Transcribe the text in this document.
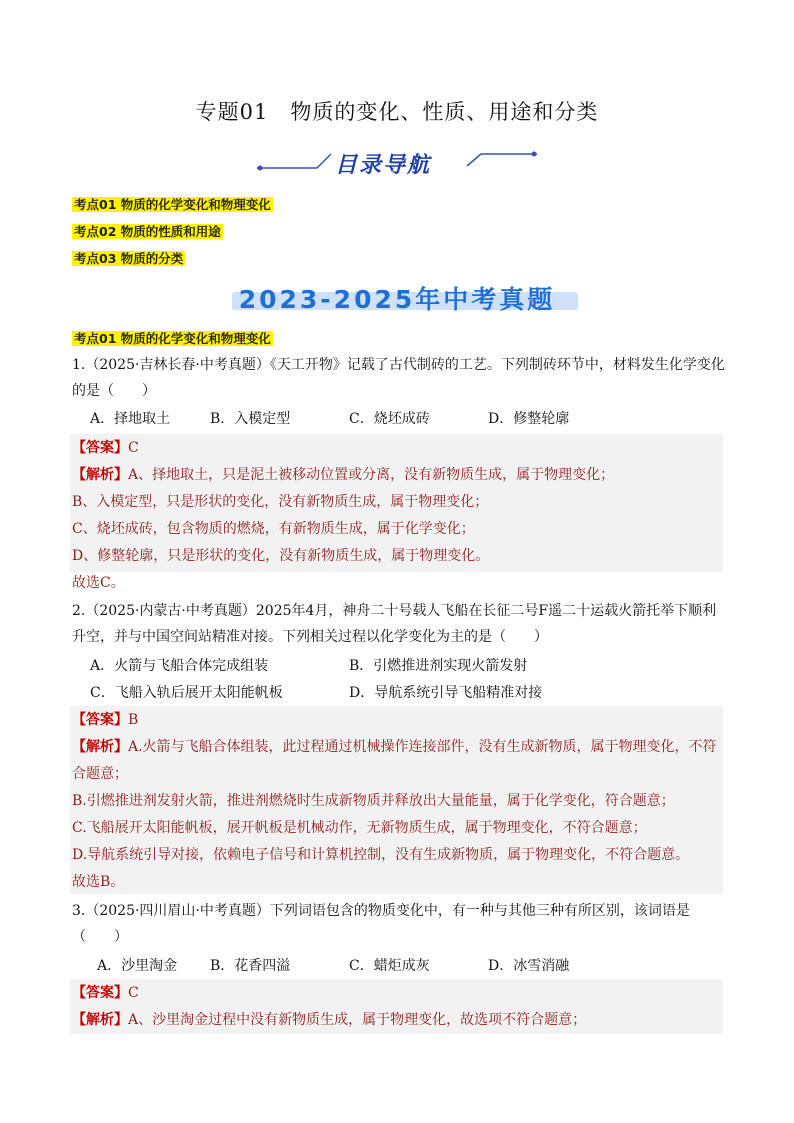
专题01　物质的变化、性质、用途和分类
目录导航
考点01 物质的化学变化和物理变化
考点02 物质的性质和用途
考点03 物质的分类
2023-2025年中考真题
考点01 物质的化学变化和物理变化
1.（2025·吉林长春·中考真题）《天工开物》记载了古代制砖的工艺。下列制砖环节中，材料发生化学变化
的是（　　）
A．择地取土	B．入模定型	C．烧坯成砖	D．修整轮廓
【答案】C
【解析】A、择地取土，只是泥土被移动位置或分离，没有新物质生成，属于物理变化；
B、入模定型，只是形状的变化，没有新物质生成，属于物理变化；
C、烧坯成砖，包含物质的燃烧，有新物质生成，属于化学变化；
D、修整轮廓，只是形状的变化，没有新物质生成，属于物理变化。
故选C。
2.（2025·内蒙古·中考真题）2025年4月，神舟二十号载人飞船在长征二号F遥二十运载火箭托举下顺利
升空，并与中国空间站精准对接。下列相关过程以化学变化为主的是（　　）
A．火箭与飞船合体完成组装	B．引燃推进剂实现火箭发射
C．飞船入轨后展开太阳能帆板	D．导航系统引导飞船精准对接
【答案】B
【解析】A.火箭与飞船合体组装，此过程通过机械操作连接部件，没有生成新物质，属于物理变化，不符
合题意；
B.引燃推进剂发射火箭，推进剂燃烧时生成新物质并释放出大量能量，属于化学变化，符合题意；
C.飞船展开太阳能帆板，展开帆板是机械动作，无新物质生成，属于物理变化，不符合题意；
D.导航系统引导对接，依赖电子信号和计算机控制，没有生成新物质，属于物理变化，不符合题意。
故选B。
3.（2025·四川眉山·中考真题）下列词语包含的物质变化中，有一种与其他三种有所区别，该词语是
（　　）
A．沙里淘金 B．花香四溢	C．蜡炬成灰	D．冰雪消融
【答案】C
【解析】A、沙里淘金过程中没有新物质生成，属于物理变化，故选项不符合题意；
